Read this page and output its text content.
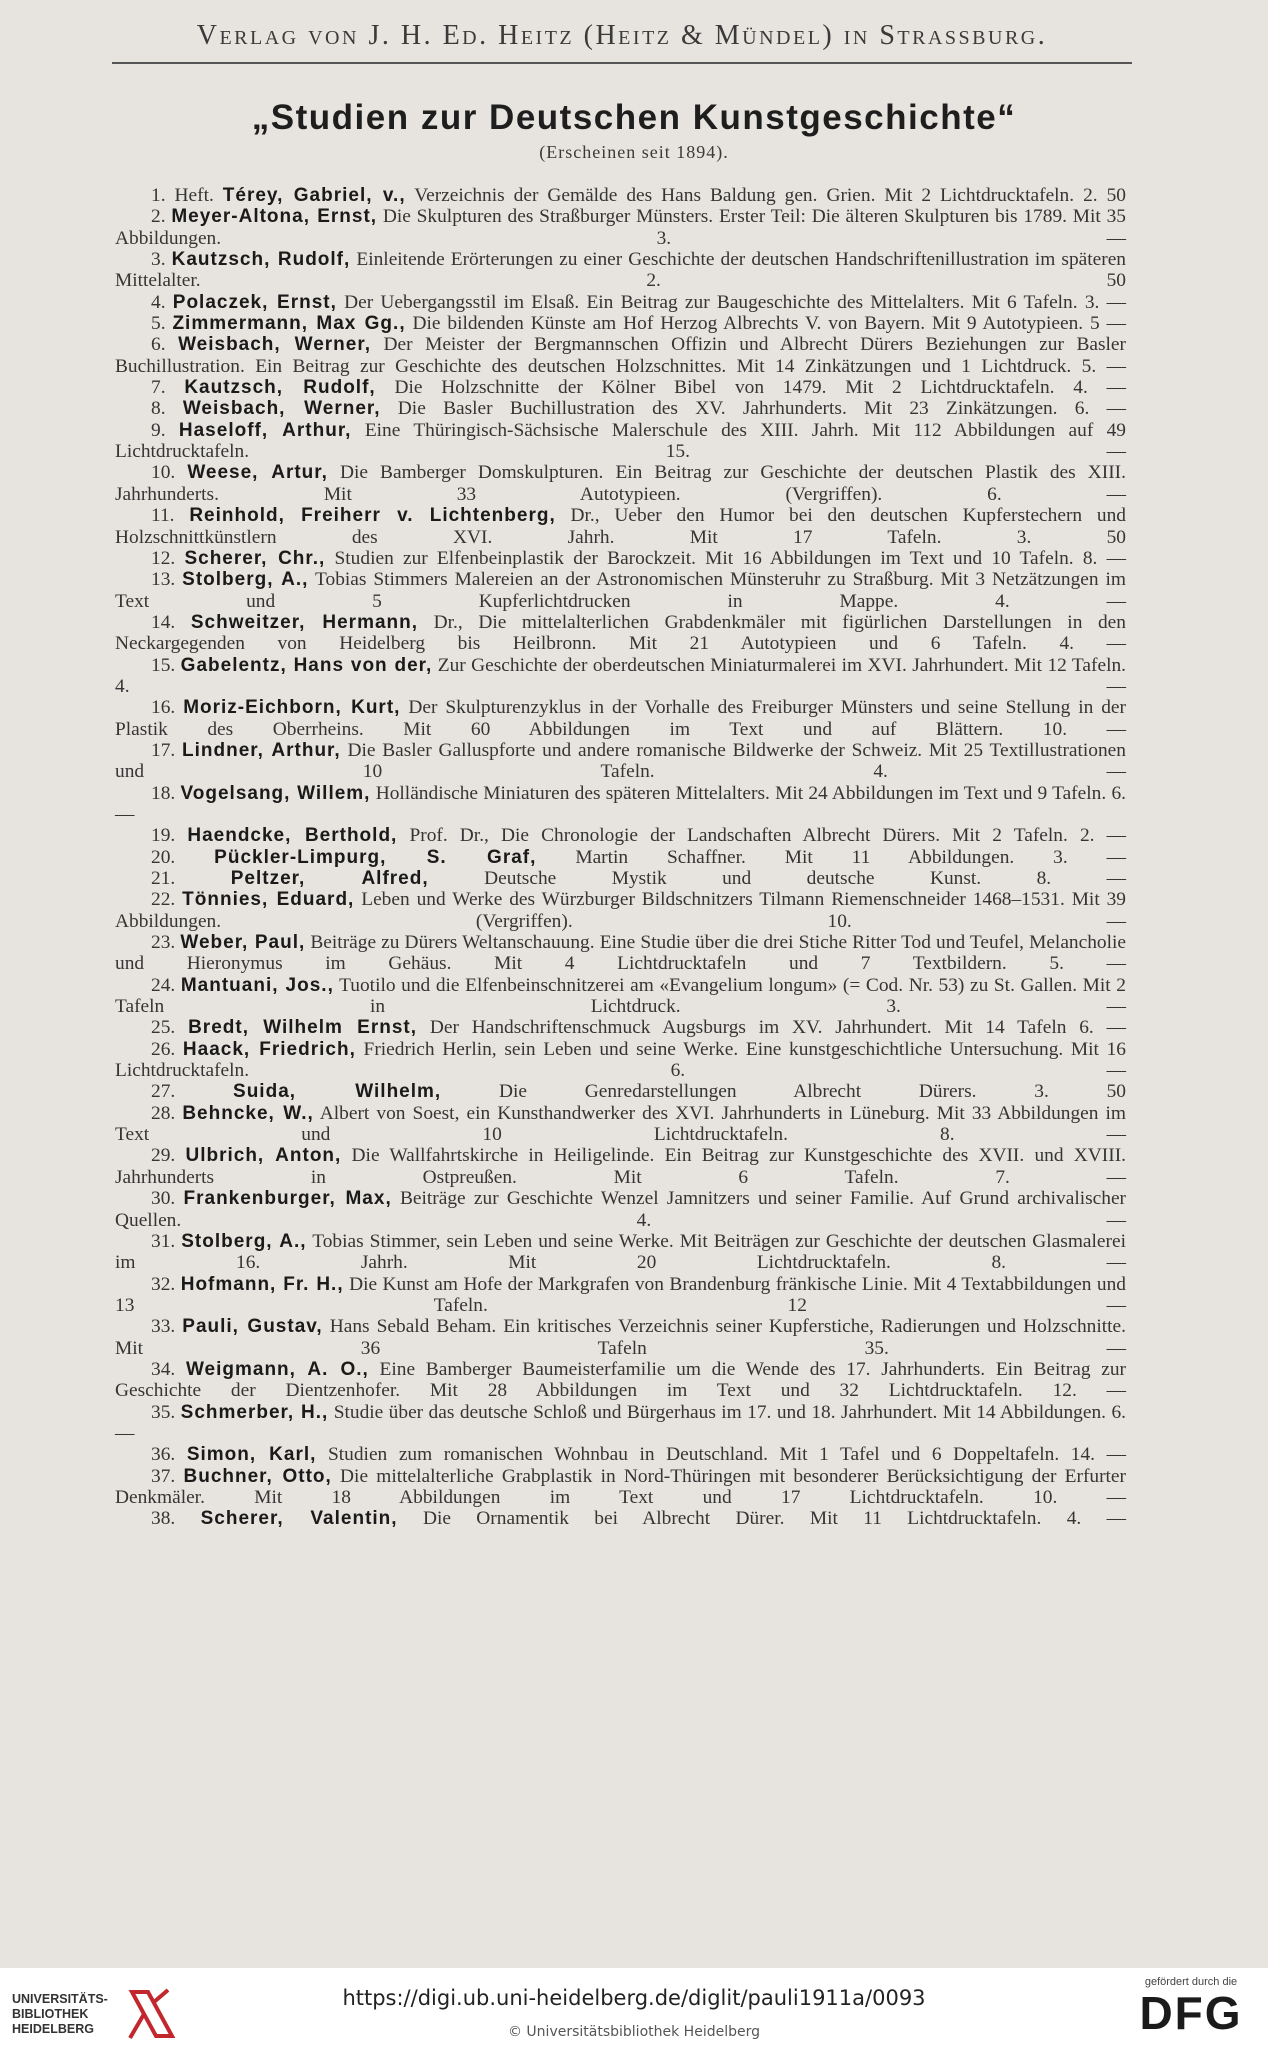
Verlag von J. H. Ed. Heitz (Heitz & Mündel) in Strassburg.
„Studien zur Deutschen Kunstgeschichte“
(Erscheinen seit 1894).
1. Heft. Térey, Gabriel, v., Verzeichnis der Gemälde des Hans Baldung gen. Grien. Mit 2 Lichtdrucktafeln. 2. 50
2. Meyer-Altona, Ernst, Die Skulpturen des Straßburger Münsters. Erster Teil: Die älteren Skulpturen bis 1789. Mit 35 Abbildungen.	3. —
3. Kautzsch, Rudolf, Einleitende Erörterungen zu einer Geschichte der deutschen Handschriftenillustration im späteren Mittelalter.	2. 50
4. Polaczek, Ernst, Der Uebergangsstil im Elsaß. Ein Beitrag zur Baugeschichte des Mittelalters. Mit 6 Tafeln. 3. —
5. Zimmermann, Max Gg., Die bildenden Künste am Hof Herzog Albrechts V. von Bayern. Mit 9 Autotypieen. 5 —
6. Weisbach, Werner, Der Meister der Bergmannschen Offizin und Albrecht Dürers Beziehungen zur Basler Buchillustration. Ein Beitrag zur Geschichte des deutschen Holzschnittes. Mit 14 Zinkätzungen und 1 Lichtdruck. 5. —
7. Kautzsch, Rudolf, Die Holzschnitte der Kölner Bibel von 1479. Mit 2 Lichtdrucktafeln. 4. —
8. Weisbach, Werner, Die Basler Buchillustration des XV. Jahrhunderts. Mit 23 Zinkätzungen. 6. —
9. Haseloff, Arthur, Eine Thüringisch-Sächsische Malerschule des XIII. Jahrh. Mit 112 Abbildungen auf 49 Lichtdrucktafeln.	15. —
10. Weese, Artur, Die Bamberger Domskulpturen. Ein Beitrag zur Geschichte der deutschen Plastik des XIII. Jahrhunderts. Mit 33 Autotypieen. (Vergriffen).	6. —
11. Reinhold, Freiherr v. Lichtenberg, Dr., Ueber den Humor bei den deutschen Kupferstechern und Holzschnittkünstlern des XVI. Jahrh. Mit 17 Tafeln.	3. 50
12. Scherer, Chr., Studien zur Elfenbeinplastik der Barockzeit. Mit 16 Abbildungen im Text und 10 Tafeln. 8. —
13. Stolberg, A., Tobias Stimmers Malereien an der Astronomischen Münsteruhr zu Straßburg. Mit 3 Netzätzungen im Text und 5 Kupferlichtdrucken in Mappe.	4. —
14. Schweitzer, Hermann, Dr., Die mittelalterlichen Grabdenkmäler mit figürlichen Darstellungen in den Neckargegenden von Heidelberg bis Heilbronn. Mit 21 Autotypieen und 6 Tafeln. 4. —
15. Gabelentz, Hans von der, Zur Geschichte der oberdeutschen Miniaturmalerei im XVI. Jahrhundert. Mit 12 Tafeln. 4. —
16. Moriz-Eichborn, Kurt, Der Skulpturenzyklus in der Vorhalle des Freiburger Münsters und seine Stellung in der Plastik des Oberrheins. Mit 60 Abbildungen im Text und auf Blättern. 10. —
17. Lindner, Arthur, Die Basler Galluspforte und andere romanische Bildwerke der Schweiz. Mit 25 Textillustrationen und 10 Tafeln.	4. —
18. Vogelsang, Willem, Holländische Miniaturen des späteren Mittelalters. Mit 24 Abbildungen im Text und 9 Tafeln. 6. —
19. Haendcke, Berthold, Prof. Dr., Die Chronologie der Landschaften Albrecht Dürers. Mit 2 Tafeln. 2. —
20. Pückler-Limpurg, S. Graf, Martin Schaffner. Mit 11 Abbildungen. 3. —
21.	Peltzer, Alfred,	Deutsche Mystik und deutsche Kunst.	8. —
22. Tönnies, Eduard, Leben und Werke des Würzburger Bildschnitzers Tilmann Riemenschneider 1468–1531. Mit 39 Abbildungen. (Vergriffen).	10. —
23. Weber, Paul, Beiträge zu Dürers Weltanschauung. Eine Studie über die drei Stiche Ritter Tod und Teufel, Melancholie und Hieronymus im Gehäus. Mit 4 Lichtdrucktafeln und 7 Textbildern. 5. —
24. Mantuani, Jos., Tuotilo und die Elfenbeinschnitzerei am «Evangelium longum» (= Cod. Nr. 53) zu St. Gallen. Mit 2 Tafeln in Lichtdruck.	3. —
25. Bredt, Wilhelm Ernst, Der Handschriftenschmuck Augsburgs im XV. Jahrhundert. Mit 14 Tafeln 6. —
26. Haack, Friedrich, Friedrich Herlin, sein Leben und seine Werke. Eine kunstgeschichtliche Untersuchung. Mit 16 Lichtdrucktafeln.	6. —
27.	Suida, Wilhelm,	Die Genredarstellungen Albrecht Dürers.	3. 50
28. Behncke, W., Albert von Soest, ein Kunsthandwerker des XVI. Jahrhunderts in Lüneburg. Mit 33 Abbildungen im Text und 10 Lichtdrucktafeln.	8. —
29. Ulbrich, Anton, Die Wallfahrtskirche in Heiligelinde. Ein Beitrag zur Kunstgeschichte des XVII. und XVIII. Jahrhunderts in Ostpreußen. Mit 6 Tafeln.	7. —
30. Frankenburger, Max, Beiträge zur Geschichte Wenzel Jamnitzers und seiner Familie. Auf Grund archivalischer Quellen.	4. —
31. Stolberg, A., Tobias Stimmer, sein Leben und seine Werke. Mit Beiträgen zur Geschichte der deutschen Glasmalerei im 16. Jahrh. Mit 20 Lichtdrucktafeln.	8. —
32. Hofmann, Fr. H., Die Kunst am Hofe der Markgrafen von Brandenburg fränkische Linie. Mit 4 Textabbildungen und 13 Tafeln.	12 —
33. Pauli, Gustav, Hans Sebald Beham. Ein kritisches Verzeichnis seiner Kupferstiche, Radierungen und Holzschnitte. Mit 36 Tafeln	35. —
34. Weigmann, A. O., Eine Bamberger Baumeisterfamilie um die Wende des 17. Jahrhunderts. Ein Beitrag zur Geschichte der Dientzenhofer. Mit 28 Abbildungen im Text und 32 Lichtdrucktafeln. 12. —
35. Schmerber, H., Studie über das deutsche Schloß und Bürgerhaus im 17. und 18. Jahrhundert. Mit 14 Abbildungen. 6. —
36. Simon, Karl, Studien zum romanischen Wohnbau in Deutschland. Mit 1 Tafel und 6 Doppeltafeln. 14. —
37. Buchner, Otto, Die mittelalterliche Grabplastik in Nord-Thüringen mit besonderer Berücksichtigung der Erfurter Denkmäler. Mit 18 Abbildungen im Text und 17 Lichtdrucktafeln.	10. —
38. Scherer, Valentin, Die Ornamentik bei Albrecht Dürer. Mit 11 Lichtdrucktafeln. 4. —
UNIVERSITÄTS-
BIBLIOTHEK
HEIDELBERG
https://digi.ub.uni-heidelberg.de/diglit/pauli1911a/0093
© Universitätsbibliothek Heidelberg
gefördert durch die
DFG
